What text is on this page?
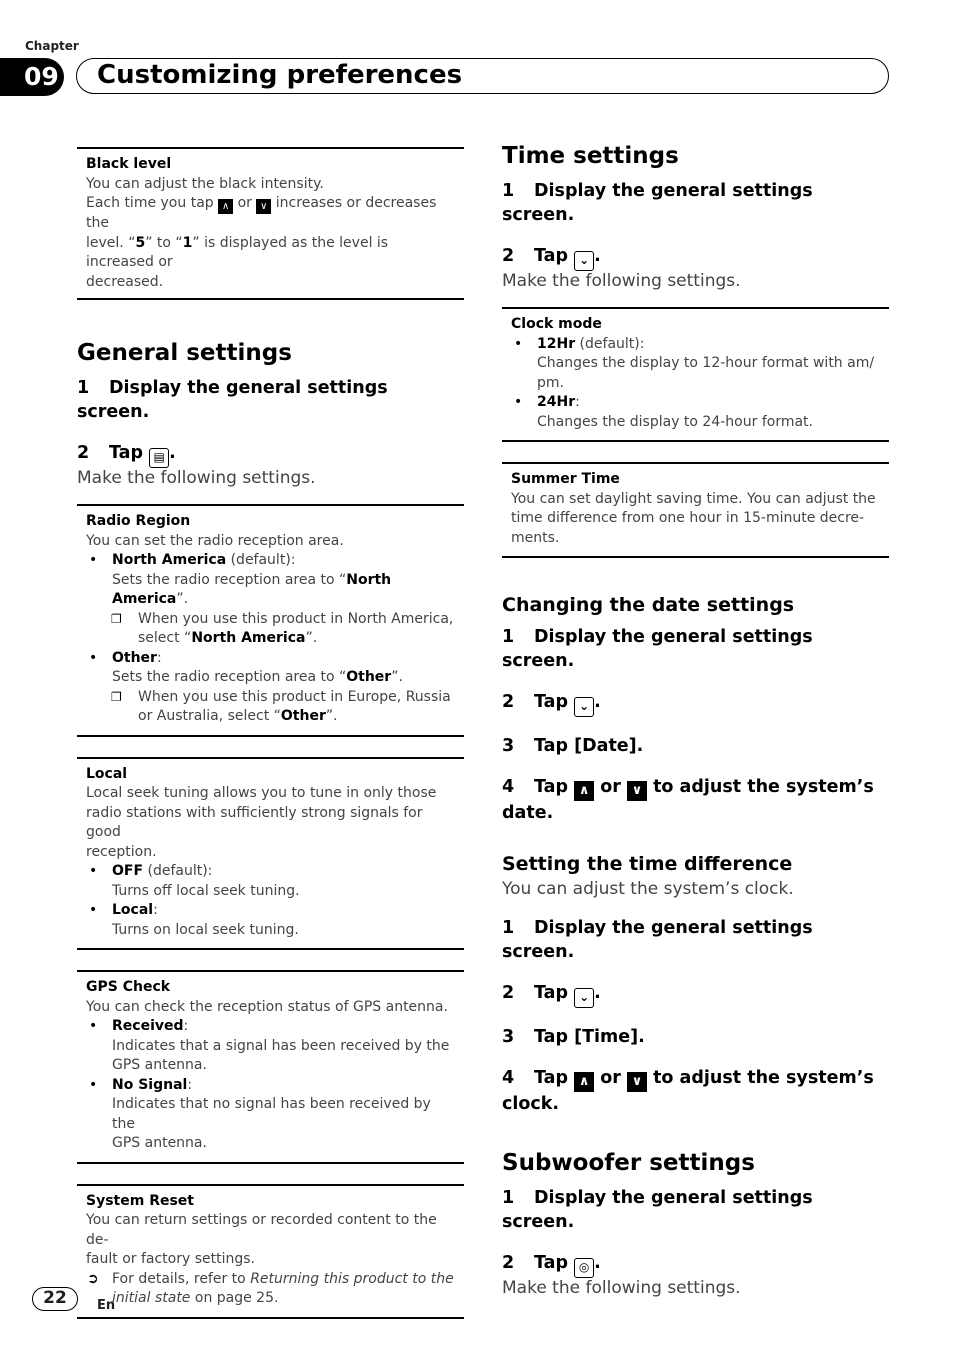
Chapter
09	Customizing preferences
Black level
You can adjust the black intensity.
Each time you tap ∧ or ∨ increases or decreases the
level. “5” to “1” is displayed as the level is increased or
decreased.
General settings
1 Display the general settings screen.
2 Tap ▤ .
Make the following settings.
Radio Region
You can set the radio reception area.
• North America (default):
Sets the radio reception area to “North America”.
❐ When you use this product in North America,
select “North America”.
• Other:
Sets the radio reception area to “Other”.
❐ When you use this product in Europe, Russia
or Australia, select “Other”.
Local
Local seek tuning allows you to tune in only those
radio stations with sufficiently strong signals for good
reception.
• OFF (default):
Turns off local seek tuning.
• Local:
Turns on local seek tuning.
GPS Check
You can check the reception status of GPS antenna.
• Received:
Indicates that a signal has been received by the
GPS antenna.
• No Signal:
Indicates that no signal has been received by the
GPS antenna.
System Reset
You can return settings or recorded content to the de-
fault or factory settings.
➲ For details, refer to Returning this product to the
initial state on page 25.
Time settings
1 Display the general settings screen.
2 Tap ⌄ .
Make the following settings.
Clock mode
• 12Hr (default):
Changes the display to 12-hour format with am/
pm.
• 24Hr:
Changes the display to 24-hour format.
Summer Time
You can set daylight saving time. You can adjust the
time difference from one hour in 15-minute decre-
ments.
Changing the date settings
1 Display the general settings screen.
2 Tap ⌄ .
3 Tap [Date].
4 Tap ∧ or ∨ to adjust the system’s date.
Setting the time difference
You can adjust the system’s clock.
1 Display the general settings screen.
2 Tap ⌄ .
3 Tap [Time].
4 Tap ∧ or ∨ to adjust the system’s
clock.
Subwoofer settings
1 Display the general settings screen.
2 Tap ◎ .
Make the following settings.
22	En
